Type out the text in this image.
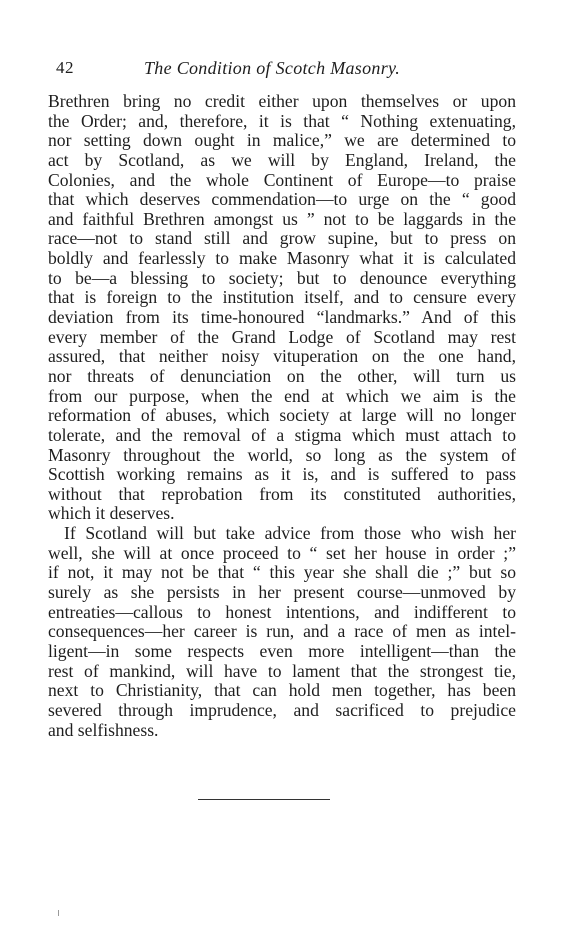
42	The Condition of Scotch Masonry.
Brethren bring no credit either upon themselves or upon
the Order; and, therefore, it is that “ Nothing extenuating,
nor setting down ought in malice,” we are determined to
act by Scotland, as we will by England, Ireland, the
Colonies, and the whole Continent of Europe—to praise
that which deserves commendation—to urge on the “ good
and faithful Brethren amongst us ” not to be laggards in the
race—not to stand still and grow supine, but to press on
boldly and fearlessly to make Masonry what it is calculated
to be—a blessing to society; but to denounce everything
that is foreign to the institution itself, and to censure every
deviation from its time-honoured “landmarks.” And of this
every member of the Grand Lodge of Scotland may rest
assured, that neither noisy vituperation on the one hand,
nor threats of denunciation on the other, will turn us
from our purpose, when the end at which we aim is the
reformation of abuses, which society at large will no longer
tolerate, and the removal of a stigma which must attach to
Masonry throughout the world, so long as the system of
Scottish working remains as it is, and is suffered to pass
without that reprobation from its constituted authorities,
which it deserves.
If Scotland will but take advice from those who wish her
well, she will at once proceed to “ set her house in order ;”
if not, it may not be that “ this year she shall die ;” but so
surely as she persists in her present course—unmoved by
entreaties—callous to honest intentions, and indifferent to
consequences—her career is run, and a race of men as intel-
ligent—in some respects even more intelligent—than the
rest of mankind, will have to lament that the strongest tie,
next to Christianity, that can hold men together, has been
severed through imprudence, and sacrificed to prejudice
and selfishness.
